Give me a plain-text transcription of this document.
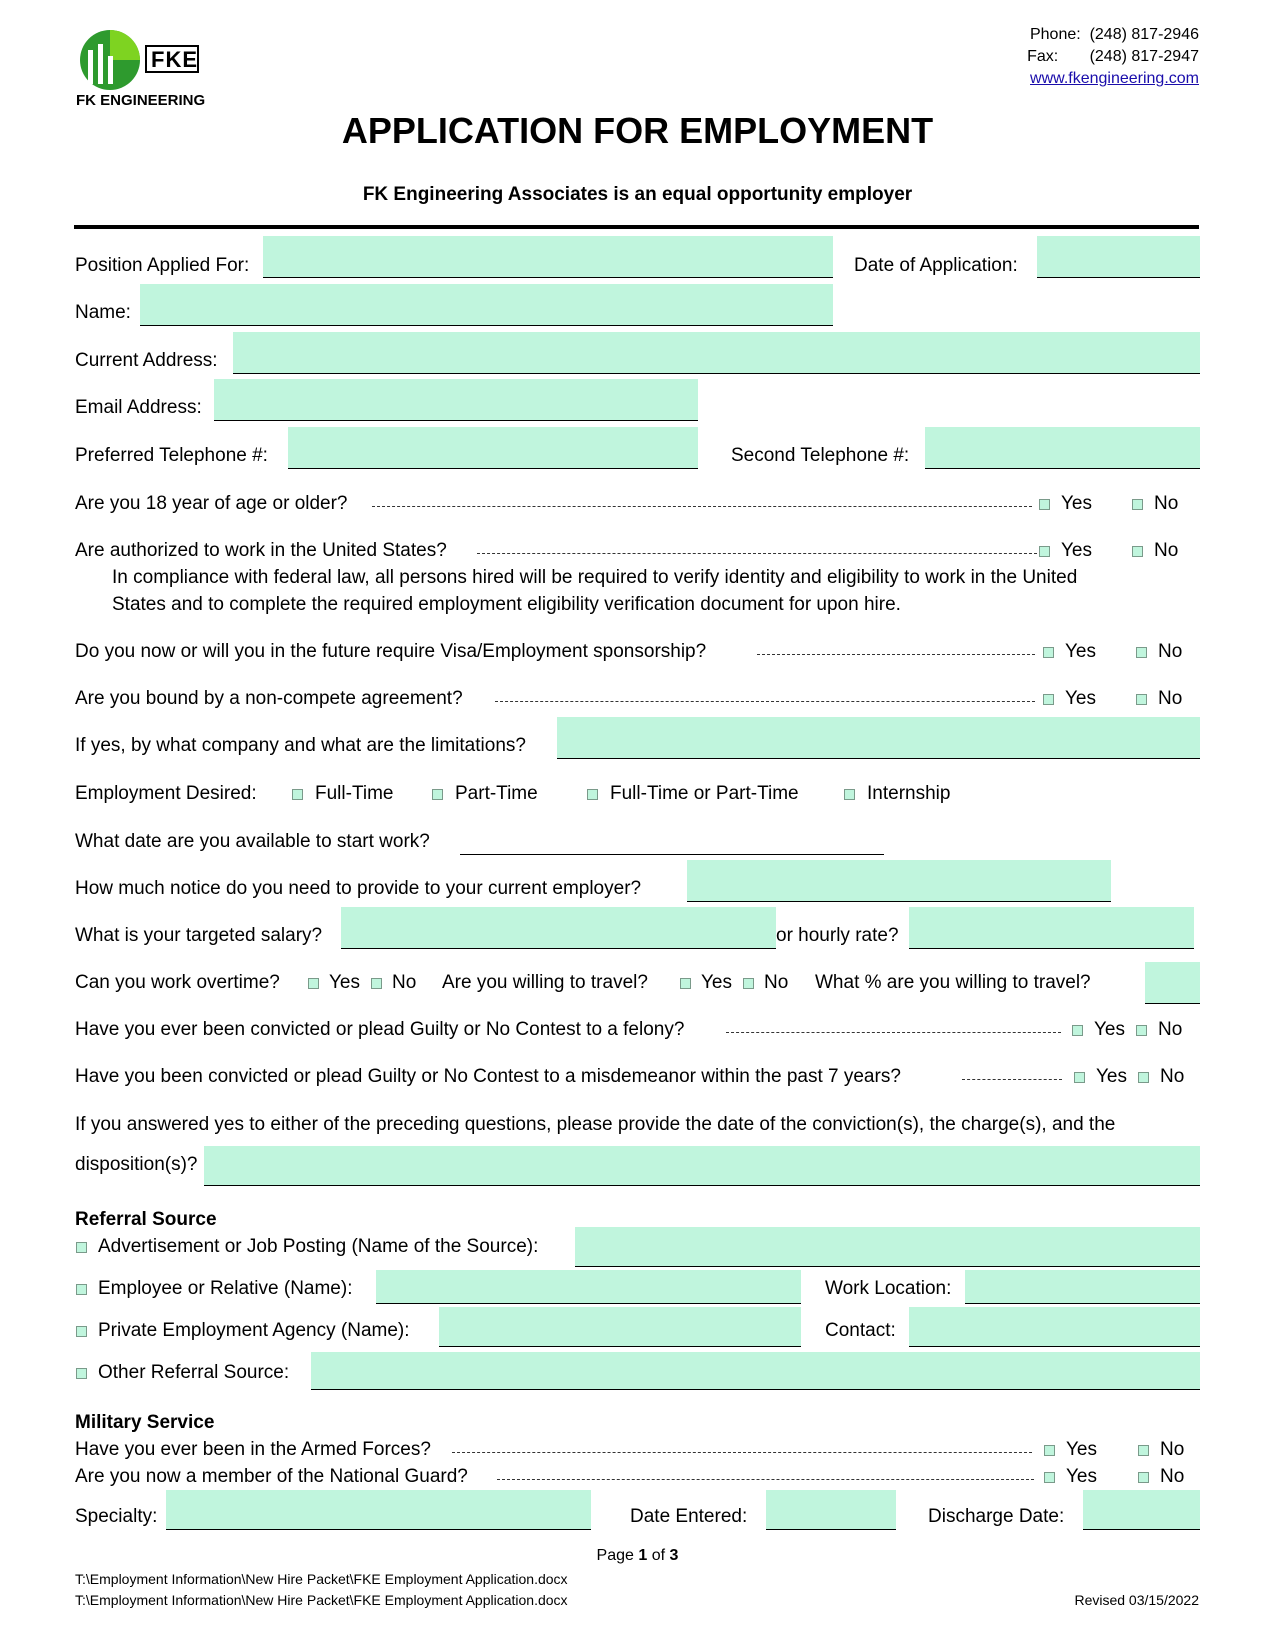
FKE
FK ENGINEERING
Phone: (248) 817-2946
Fax: (248) 817-2947
www.fkengineering.com
APPLICATION FOR EMPLOYMENT
FK Engineering Associates is an equal opportunity employer
Position Applied For:	Date of Application:
Name:
Current Address:
Email Address:
Preferred Telephone #:	Second Telephone #:
Are you 18 year of age or older?	Yes	No
Are authorized to work in the United States?	Yes	No
In compliance with federal law, all persons hired will be required to verify identity and eligibility to work in the United
States and to complete the required employment eligibility verification document for upon hire.
Do you now or will you in the future require Visa/Employment sponsorship?	Yes	No
Are you bound by a non-compete agreement?	Yes	No
If yes, by what company and what are the limitations?
Employment Desired:	Full-Time	Part-Time	Full-Time or Part-Time	Internship
What date are you available to start work?
How much notice do you need to provide to your current employer?
What is your targeted salary?	or hourly rate?
Can you work overtime?	Yes No Are you willing to travel?	Yes No What % are you willing to travel?
Have you ever been convicted or plead Guilty or No Contest to a felony?	Yes No
Have you been convicted or plead Guilty or No Contest to a misdemeanor within the past 7 years?	Yes No
If you answered yes to either of the preceding questions, please provide the date of the conviction(s), the charge(s), and the
disposition(s)?
Referral Source
Advertisement or Job Posting (Name of the Source):
Employee or Relative (Name):	Work Location:
Private Employment Agency (Name):	Contact:
Other Referral Source:
Military Service
Have you ever been in the Armed Forces?	Yes	No
Are you now a member of the National Guard?	Yes	No
Specialty:	Date Entered:	Discharge Date:
Page 1 of 3
T:\Employment Information\New Hire Packet\FKE Employment Application.docx
T:\Employment Information\New Hire Packet\FKE Employment Application.docx	Revised 03/15/2022
